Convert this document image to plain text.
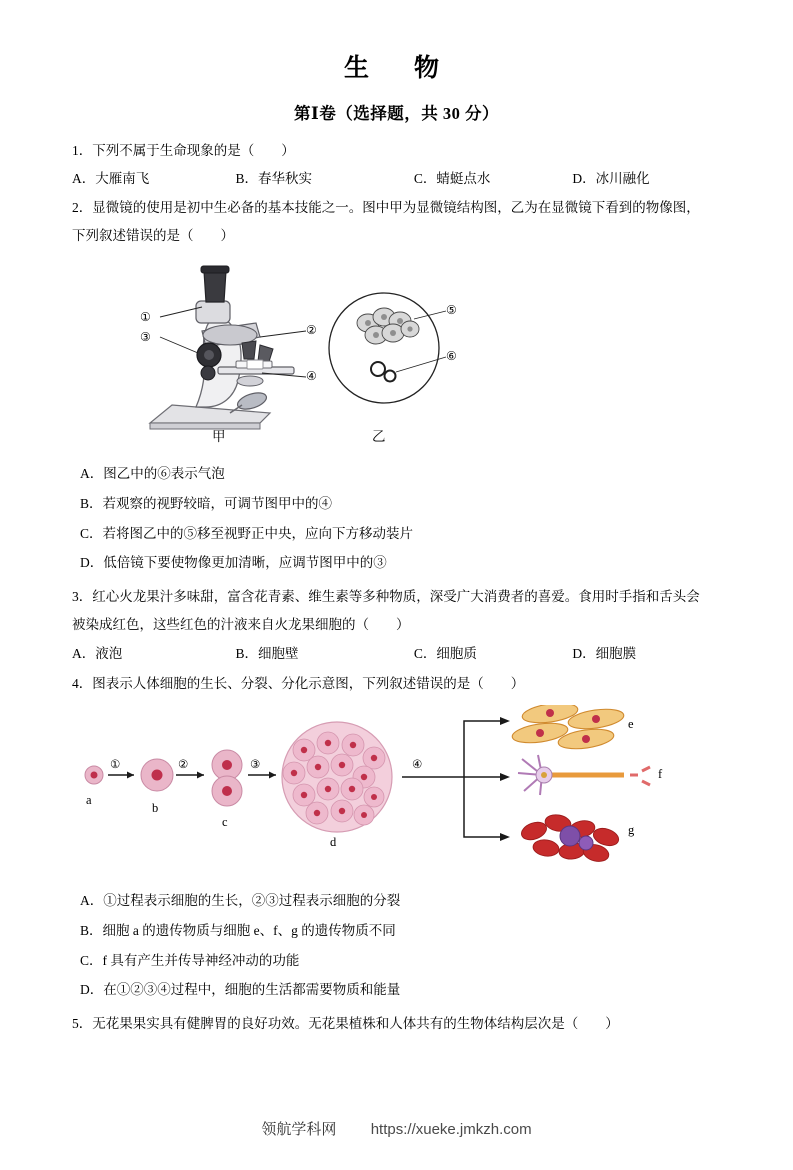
生　物
第Ⅰ卷（选择题，共 30 分）
1．下列不属于生命现象的是（　　）
A．大雁南飞	B．春华秋实	C．蜻蜓点水	D．冰川融化
2．显微镜的使用是初中生必备的基本技能之一。图中甲为显微镜结构图，乙为在显微镜下看到的物像图，
下列叙述错误的是（　　）
①
③	②
④
甲
⑤
⑥
乙
A．图乙中的⑥表示气泡
B．若观察的视野较暗，可调节图甲中的④
C．若将图乙中的⑤移至视野正中央，应向下方移动装片
D．低倍镜下要使物像更加清晰，应调节图甲中的③
3．红心火龙果汁多味甜，富含花青素、维生素等多种物质，深受广大消费者的喜爱。食用时手指和舌头会
被染成红色，这些红色的汁液来自火龙果细胞的（　　）
A．液泡	B．细胞壁	C．细胞质	D．细胞膜
4．图表示人体细胞的生长、分裂、分化示意图，下列叙述错误的是（　　）
a
b
c
d
e
f
g
①	②	③	④
A．①过程表示细胞的生长，②③过程表示细胞的分裂
B．细胞 a 的遗传物质与细胞 e、f、g 的遗传物质不同
C．f 具有产生并传导神经冲动的功能
D．在①②③④过程中，细胞的生活都需要物质和能量
5．无花果果实具有健脾胃的良好功效。无花果植株和人体共有的生物体结构层次是（　　）
领航学科网 https://xueke.jmkzh.com
